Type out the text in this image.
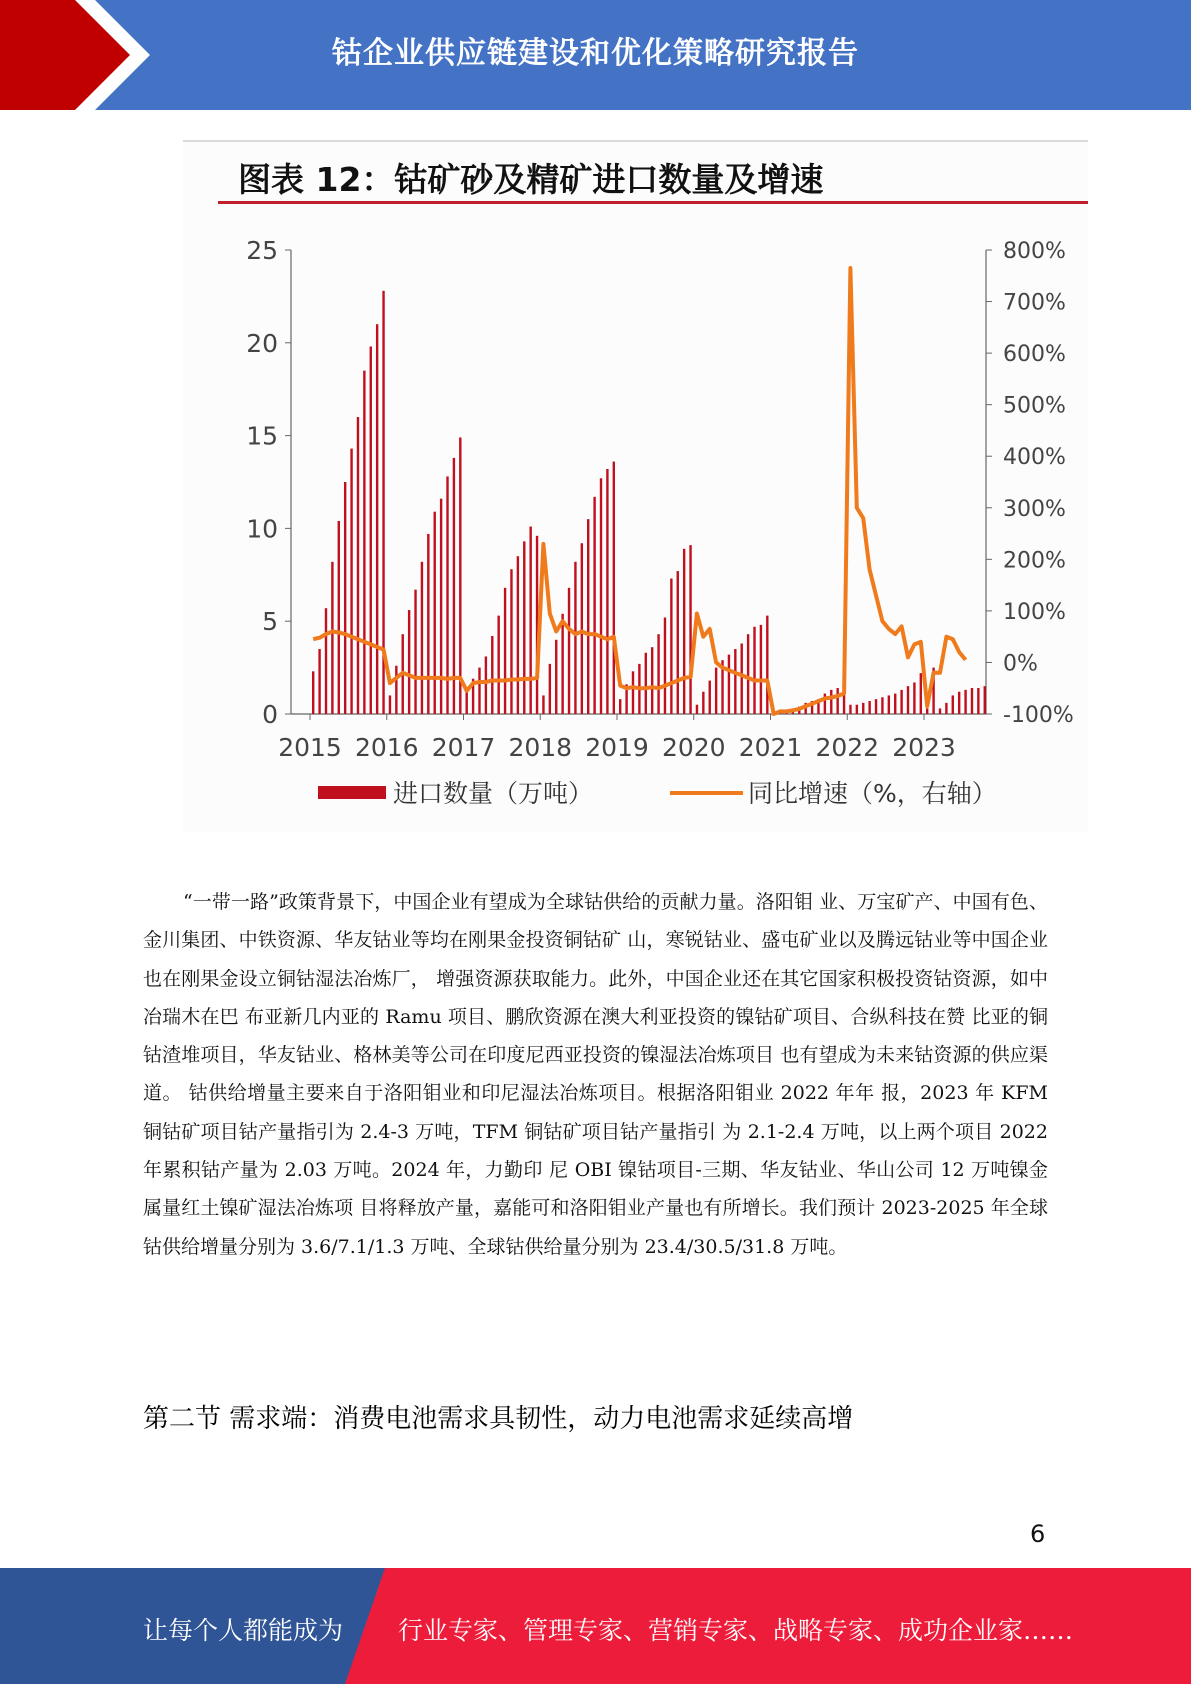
钴企业供应链建设和优化策略研究报告
图表 12：钴矿砂及精矿进口数量及增速
0
5
10
15
20
25
-100%
0%
100%
200%
300%
400%
500%
600%
700%
800%
2015 2016 2017 2018 2019 2020 2021 2022 2023
进口数量（万吨）	同比增速（%，右轴）
“一带一路”政策背景下，中国企业有望成为全球钴供给的贡献力量。洛阳钼 业、万宝矿产、中国有色、金川集团、中铁资源、华友钴业等均在刚果金投资铜钴矿 山，寒锐钴业、盛屯矿业以及腾远钴业等中国企业也在刚果金设立铜钴湿法冶炼厂， 增强资源获取能力。此外，中国企业还在其它国家积极投资钴资源，如中冶瑞木在巴 布亚新几内亚的 Ramu 项目、鹏欣资源在澳大利亚投资的镍钴矿项目、合纵科技在赞 比亚的铜钴渣堆项目，华友钴业、格林美等公司在印度尼西亚投资的镍湿法冶炼项目 也有望成为未来钴资源的供应渠道。 钴供给增量主要来自于洛阳钼业和印尼湿法冶炼项目。根据洛阳钼业 2022 年年 报，2023 年 KFM 铜钴矿项目钴产量指引为 2.4-3 万吨，TFM 铜钴矿项目钴产量指引 为 2.1-2.4 万吨，以上两个项目 2022 年累积钴产量为 2.03 万吨。2024 年，力勤印 尼 OBI 镍钴项目-三期、华友钴业、华山公司 12 万吨镍金属量红土镍矿湿法冶炼项 目将释放产量，嘉能可和洛阳钼业产量也有所增长。我们预计 2023-2025 年全球钴供给增量分别为 3.6/7.1/1.3 万吨、全球钴供给量分别为 23.4/30.5/31.8 万吨。
第二节 需求端：消费电池需求具韧性，动力电池需求延续高增
6
让每个人都能成为 行业专家、管理专家、营销专家、战略专家、成功企业家……
